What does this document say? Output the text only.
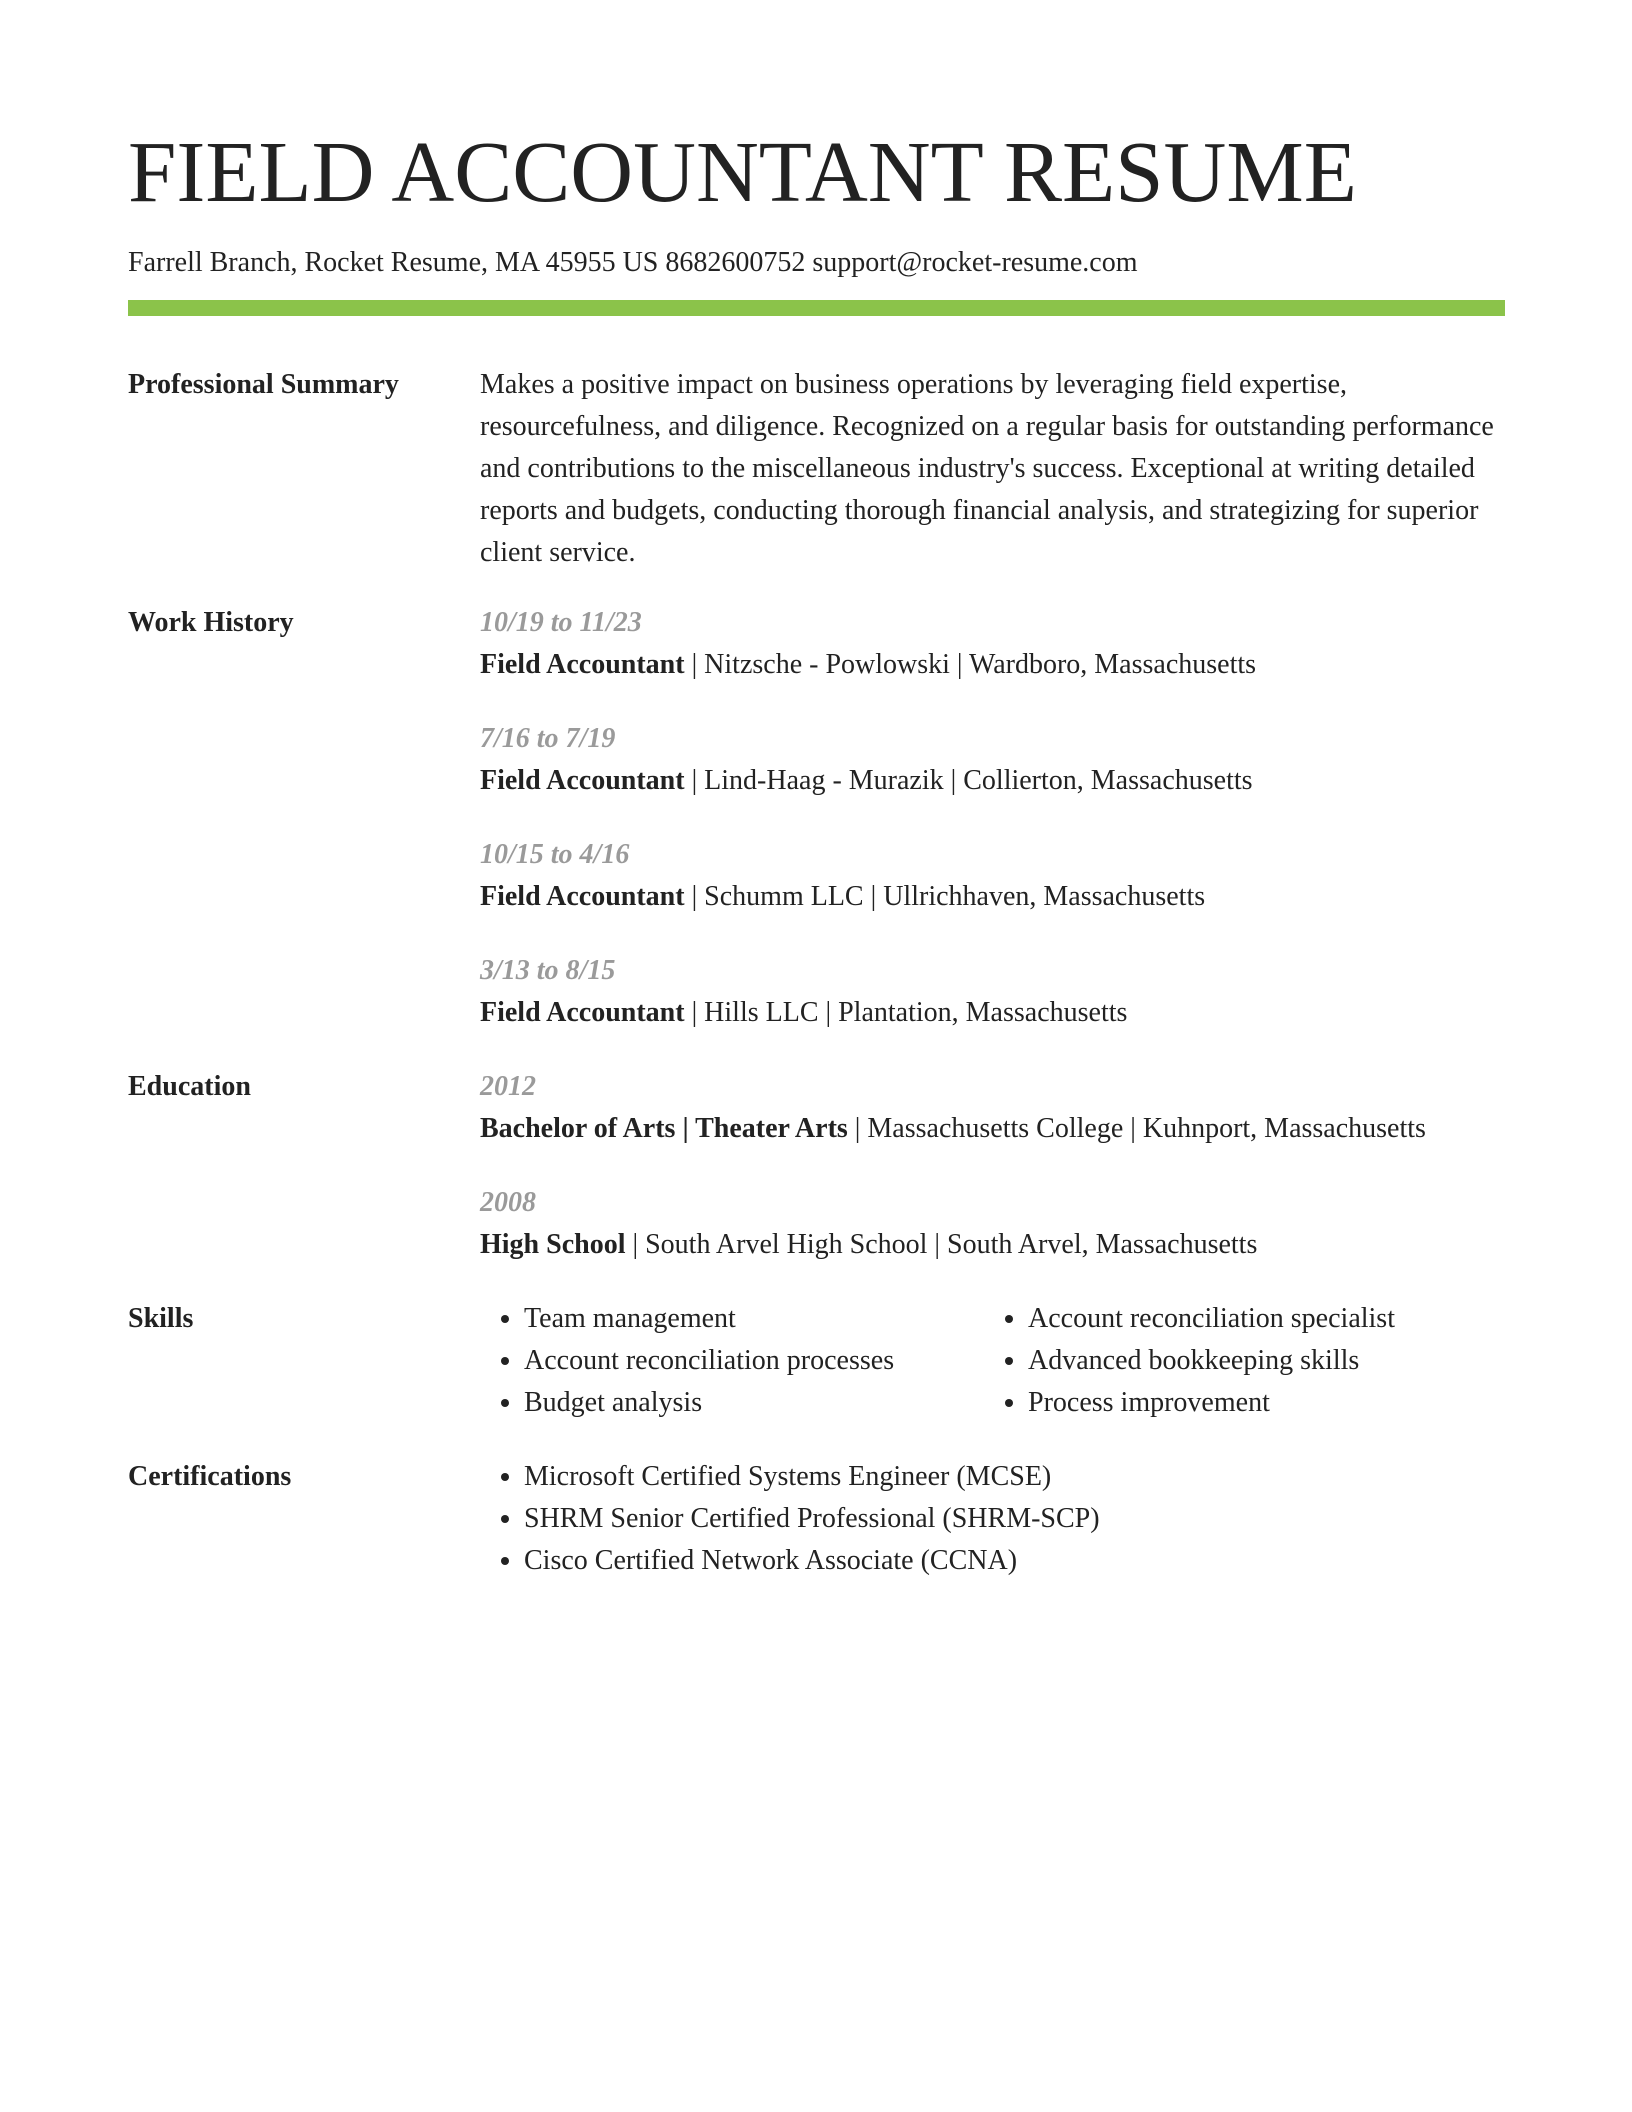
FIELD ACCOUNTANT RESUME
Farrell Branch, Rocket Resume, MA 45955 US 8682600752 support@rocket-resume.com
Professional Summary	Makes a positive impact on business operations by leveraging field expertise, resourcefulness, and diligence. Recognized on a regular basis for outstanding performance and contributions to the miscellaneous industry's success. Exceptional at writing detailed reports and budgets, conducting thorough financial analysis, and strategizing for superior client service.
Work History	10/19 to 11/23
Field Accountant | Nitzsche - Powlowski | Wardboro, Massachusetts
7/16 to 7/19
Field Accountant | Lind-Haag - Murazik | Collierton, Massachusetts
10/15 to 4/16
Field Accountant | Schumm LLC | Ullrichhaven, Massachusetts
3/13 to 8/15
Field Accountant | Hills LLC | Plantation, Massachusetts
Education	2012
Bachelor of Arts | Theater Arts | Massachusetts College | Kuhnport, Massachusetts
2008
High School | South Arvel High School | South Arvel, Massachusetts
Skills	• Team management
• Account reconciliation processes
• Budget analysis
• Account reconciliation specialist
• Advanced bookkeeping skills
• Process improvement
Certifications	• Microsoft Certified Systems Engineer (MCSE)
• SHRM Senior Certified Professional (SHRM-SCP)
• Cisco Certified Network Associate (CCNA)
